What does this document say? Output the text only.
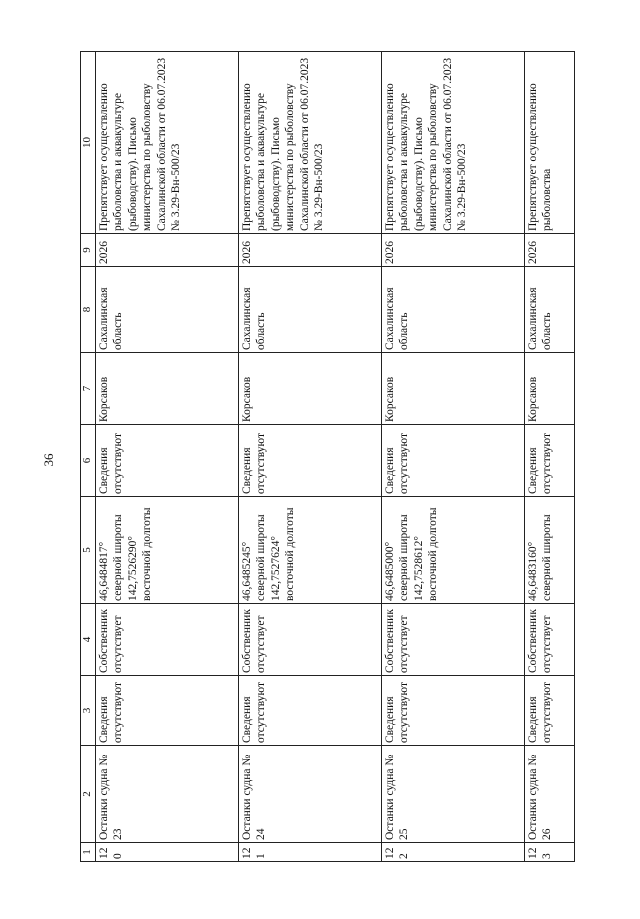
36
1	2	3	4	5	6	7	8	9	10
120	Останки судна № 23	Сведения отсутствуют	Собственник отсутствует	46,6484817° северной широты 142,7526290° восточной долготы	Сведения отсутствуют	Корсаков	Сахалинская область	2026	Препятствует осуществлению рыболовства и аквакультуре (рыбоводству). Письмо министерства по рыболовству Сахалинской области от 06.07.2023 № 3.29-Вн-500/23
121	Останки судна № 24	Сведения отсутствуют	Собственник отсутствует	46,6485245° северной широты 142,7527624° восточной долготы	Сведения отсутствуют	Корсаков	Сахалинская область	2026	Препятствует осуществлению рыболовства и аквакультуре (рыбоводству). Письмо министерства по рыболовству Сахалинской области от 06.07.2023 № 3.29-Вн-500/23
122	Останки судна № 25	Сведения отсутствуют	Собственник отсутствует	46,6485000° северной широты 142,7528612° восточной долготы	Сведения отсутствуют	Корсаков	Сахалинская область	2026	Препятствует осуществлению рыболовства и аквакультуре (рыбоводству). Письмо министерства по рыболовству Сахалинской области от 06.07.2023 № 3.29-Вн-500/23
123	Останки судна № 26	Сведения отсутствуют	Собственник отсутствует	46,6483160° северной широты	Сведения отсутствуют	Корсаков	Сахалинская область	2026	Препятствует осуществлению рыболовства
